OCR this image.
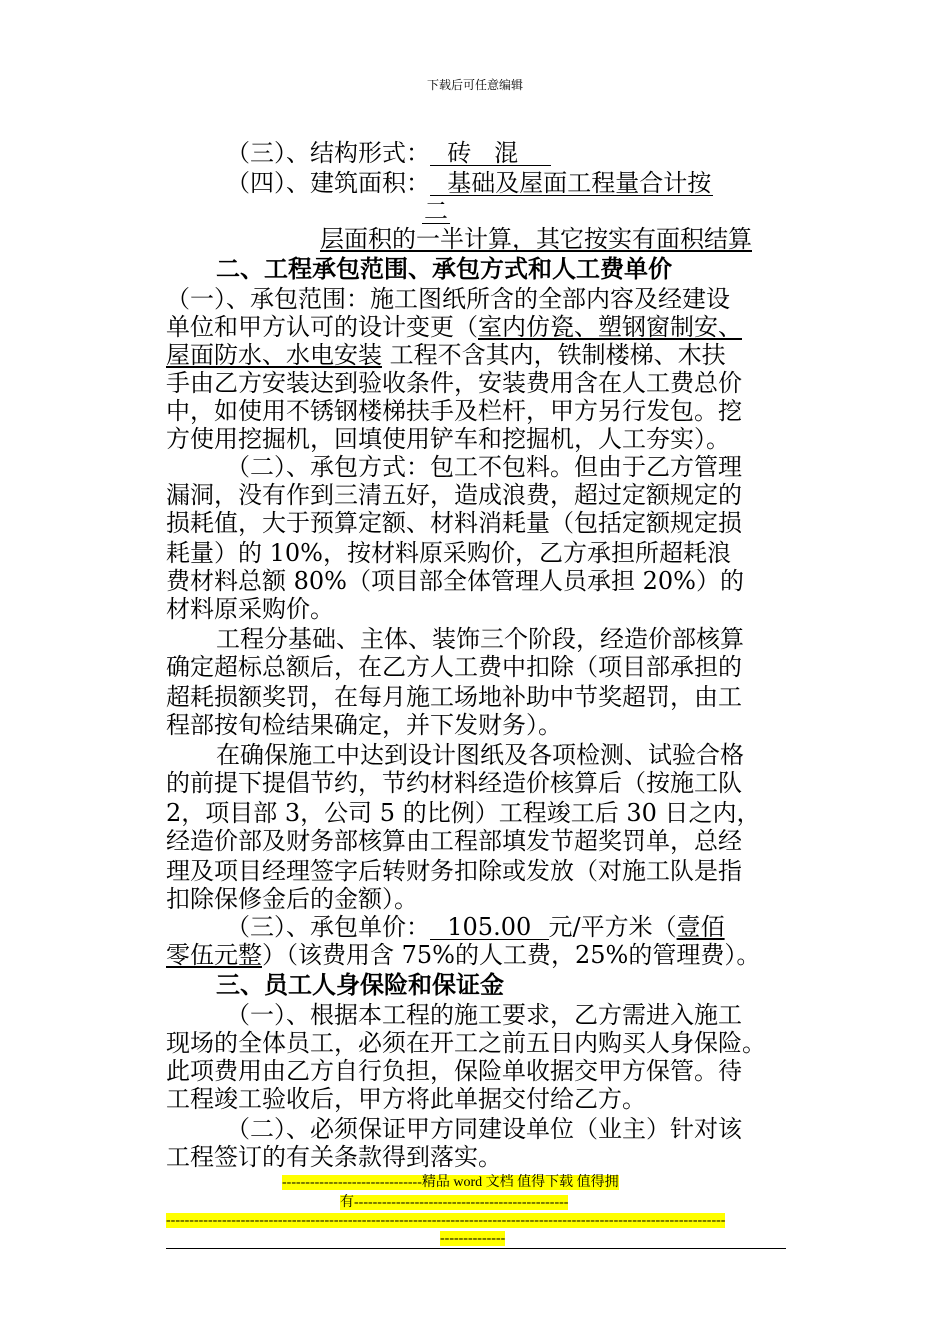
下载后可任意编辑
（三）、结构形式：  砖   混
（四）、建筑面积：  基础及屋面工程量合计按
二
层面积的一半计算，其它按实有面积结算
二、工程承包范围、承包方式和人工费单价
（一）、承包范围：施工图纸所含的全部内容及经建设
单位和甲方认可的设计变更（室内仿瓷、塑钢窗制安、
屋面防水、水电安装 工程不含其内，铁制楼梯、木扶
手由乙方安装达到验收条件，安装费用含在人工费总价
中，如使用不锈钢楼梯扶手及栏杆，甲方另行发包。挖
方使用挖掘机，回填使用铲车和挖掘机，人工夯实）。
（二）、承包方式：包工不包料。但由于乙方管理
漏洞，没有作到三清五好，造成浪费，超过定额规定的
损耗值，大于预算定额、材料消耗量（包括定额规定损
耗量）的 10%，按材料原采购价，乙方承担所超耗浪
费材料总额 80%（项目部全体管理人员承担 20%）的
材料原采购价。
工程分基础、主体、装饰三个阶段，经造价部核算
确定超标总额后，在乙方人工费中扣除（项目部承担的
超耗损额奖罚，在每月施工场地补助中节奖超罚，由工
程部按旬检结果确定，并下发财务）。
在确保施工中达到设计图纸及各项检测、试验合格
的前提下提倡节约，节约材料经造价核算后（按施工队
2，项目部 3，公司 5 的比例）工程竣工后 30 日之内，
经造价部及财务部核算由工程部填发节超奖罚单，总经
理及项目经理签字后转财务扣除或发放（对施工队是指
扣除保修金后的金额）。
（三）、承包单价：  105.00  元/平方米（壹佰
零伍元整）（该费用含 75%的人工费，25%的管理费）。
三、员工人身保险和保证金
（一）、根据本工程的施工要求，乙方需进入施工
现场的全体员工，必须在开工之前五日内购买人身保险。
此项费用由乙方自行负担，保险单收据交甲方保管。待
工程竣工验收后，甲方将此单据交付给乙方。
（二）、必须保证甲方同建设单位（业主）针对该
工程签订的有关条款得到落实。
------------------------------精品 word 文档 值得下载 值得拥
有----------------------------------------------
------------------------------------------------------------------------------------------------------------------------
--------------
